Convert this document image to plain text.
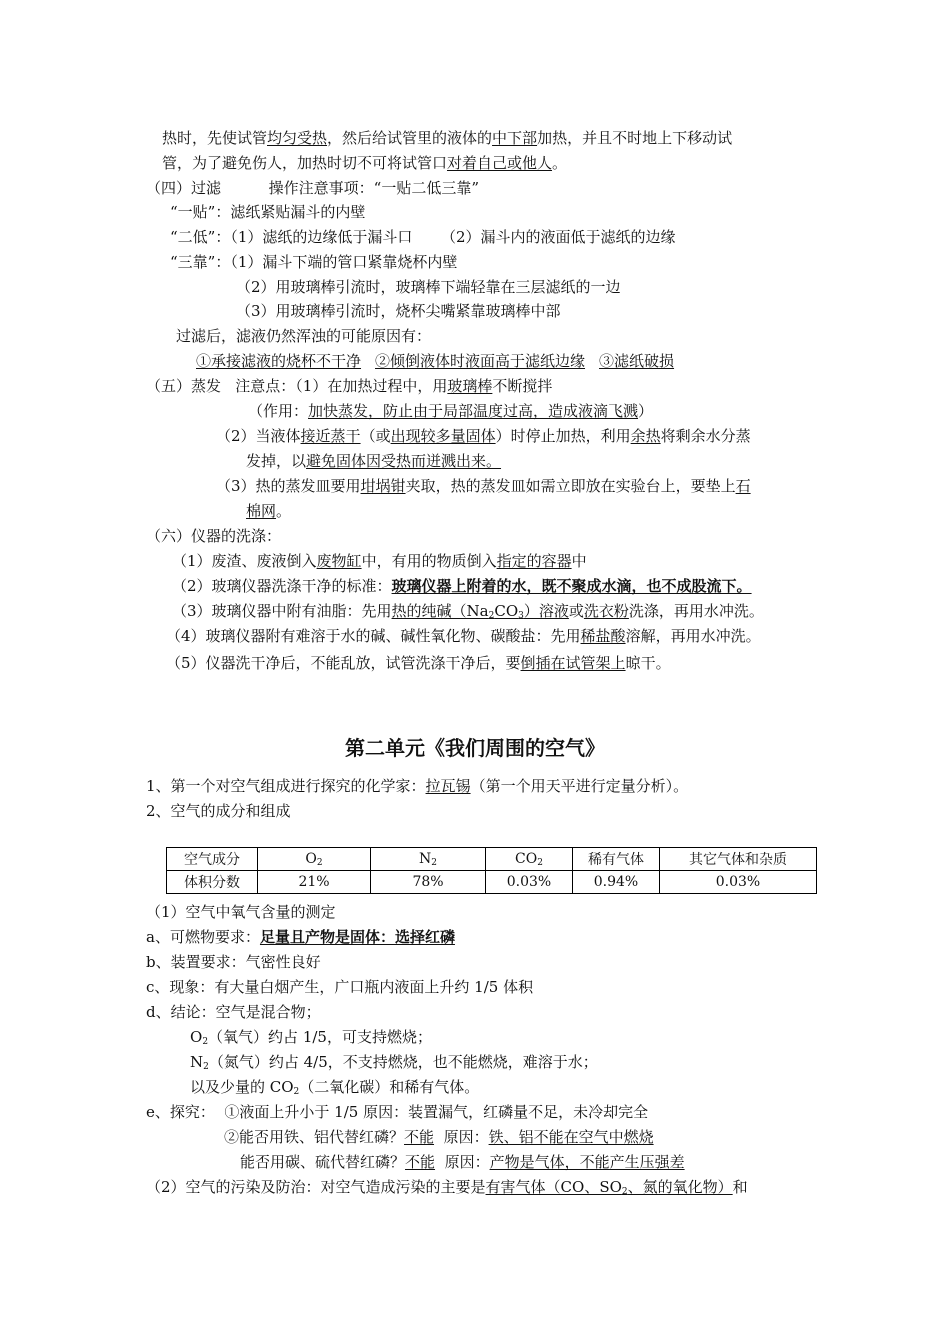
热时，先使试管均匀受热，然后给试管里的液体的中下部加热，并且不时地上下移动试
管，为了避免伤人，加热时切不可将试管口对着自己或他人。
（四）过滤          操作注意事项：“一贴二低三靠”
“一贴”：滤纸紧贴漏斗的内壁
“二低”：（1）滤纸的边缘低于漏斗口      （2）漏斗内的液面低于滤纸的边缘
“三靠”：（1）漏斗下端的管口紧靠烧杯内壁
（2）用玻璃棒引流时，玻璃棒下端轻靠在三层滤纸的一边
（3）用玻璃棒引流时，烧杯尖嘴紧靠玻璃棒中部
过滤后，滤液仍然浑浊的可能原因有：
①承接滤液的烧杯不干净 ②倾倒液体时液面高于滤纸边缘 ③滤纸破损
（五）蒸发   注意点：（1）在加热过程中，用玻璃棒不断搅拌
（作用：加快蒸发，防止由于局部温度过高，造成液滴飞溅）
（2）当液体接近蒸干（或出现较多量固体）时停止加热，利用余热将剩余水分蒸
发掉，以避免固体因受热而迸溅出来。
（3）热的蒸发皿要用坩埚钳夹取，热的蒸发皿如需立即放在实验台上，要垫上石
棉网。
（六）仪器的洗涤：
（1）废渣、废液倒入废物缸中，有用的物质倒入指定的容器中
（2）玻璃仪器洗涤干净的标准：玻璃仪器上附着的水，既不聚成水滴，也不成股流下。
（3）玻璃仪器中附有油脂：先用热的纯碱$(Na_2CO_3)$溶液或洗衣粉洗涤，再用水冲洗。
（4）玻璃仪器附有难溶于水的碱、碱性氧化物、碳酸盐：先用稀盐酸溶解，再用水冲洗。
（5）仪器洗干净后，不能乱放，试管洗涤干净后，要倒插在试管架上晾干。
第二单元《我们周围的空气》
1、第一个对空气组成进行探究的化学家：拉瓦锡（第一个用天平进行定量分析）。
2、空气的成分和组成
空气成分	$O_2$	$N_2$	$CO_2$	稀有气体	其它气体和杂质
体积分数	21%	78%	0.03%	0.94%	0.03%
（1）空气中氧气含量的测定
a、可燃物要求：足量且产物是固体：选择红磷
b、装置要求：气密性良好
c、现象：有大量白烟产生，广口瓶内液面上升约 1/5 体积
d、结论：空气是混合物；
$O_2$（氧气）约占 1/5，可支持燃烧；
$N_2$（氮气）约占 4/5，不支持燃烧，也不能燃烧，难溶于水；
以及少量的 $CO_2$（二氧化碳）和稀有气体。
e、探究：  ①液面上升小于 1/5 原因：装置漏气，红磷量不足，未冷却完全
②能否用铁、铝代替红磷？不能  原因：铁、铝不能在空气中燃烧
能否用碳、硫代替红磷？不能  原因：产物是气体，不能产生压强差
（2）空气的污染及防治：对空气造成污染的主要是有害气体（CO、$SO_2$、氮的氧化物）和
